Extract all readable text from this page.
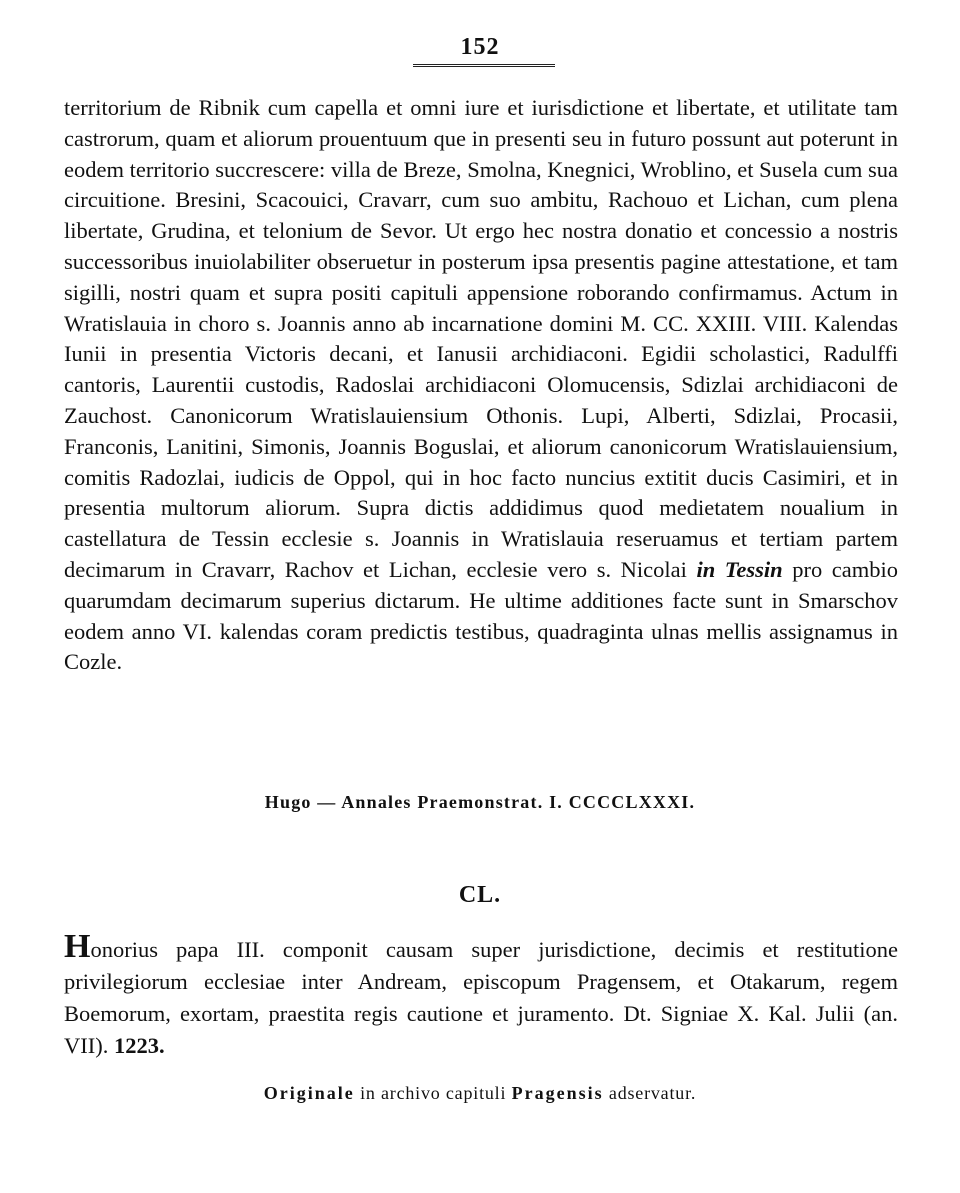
152

territorium de Ribnik cum capella et omni iure et iurisdictione et libertate, et utilitate tam castrorum, quam et aliorum prouentuum que in presenti seu in futuro possunt aut poterunt in eodem territorio succrescere: villa de Breze, Smolna, Knegnici, Wroblino, et Susela cum sua circuitione. Bresini, Scacouici, Cravarr, cum suo ambitu, Rachouo et Lichan, cum plena libertate, Grudina, et telonium de Sevor. Ut ergo hec nostra donatio et concessio a nostris successoribus inuiolabiliter obseruetur in posterum ipsa presentis pagine attestatione, et tam sigilli, nostri quam et supra positi capituli appensione roborando confirmamus. Actum in Wratislauia in choro s. Joannis anno ab incarnatione domini M. CC. XXIII. VIII. Kalendas Iunii in presentia Victoris decani, et Ianusii archidiaconi. Egidii scholastici, Radulffi cantoris, Laurentii custodis, Radoslai archidiaconi Olomucensis, Sdizlai archidiaconi de Zauchost. Canonicorum Wratislauiensium Othonis. Lupi, Alberti, Sdizlai, Procasii, Franconis, Lanitini, Simonis, Joannis Boguslai, et aliorum canonicorum Wratislauiensium, comitis Radozlai, iudicis de Oppol, qui in hoc facto nuncius extitit ducis Casimiri, et in presentia multorum aliorum. Supra dictis addidimus quod medietatem noualium in castellatura de Tessin ecclesie s. Joannis in Wratislauia reseruamus et tertiam partem decimarum in Cravarr, Rachov et Lichan, ecclesie vero s. Nicolai in Tessin pro cambio quarumdam decimarum superius dictarum. He ultime additiones facte sunt in Smarschov eodem anno VI. kalendas coram predictis testibus, quadraginta ulnas mellis assignamus in Cozle.

Hugo — Annales Praemonstrat. I. CCCCLXXXI.
CL.

Honorius papa III. componit causam super jurisdictione, decimis et restitutione privilegiorum ecclesiae inter Andream, episcopum Pragensem, et Otakarum, regem Boemorum, exortam, praestita regis cautione et juramento. Dt. Signiae X. Kal. Julii (an. VII). 1223.

Originale in archivo capituli Pragensis adservatur.
